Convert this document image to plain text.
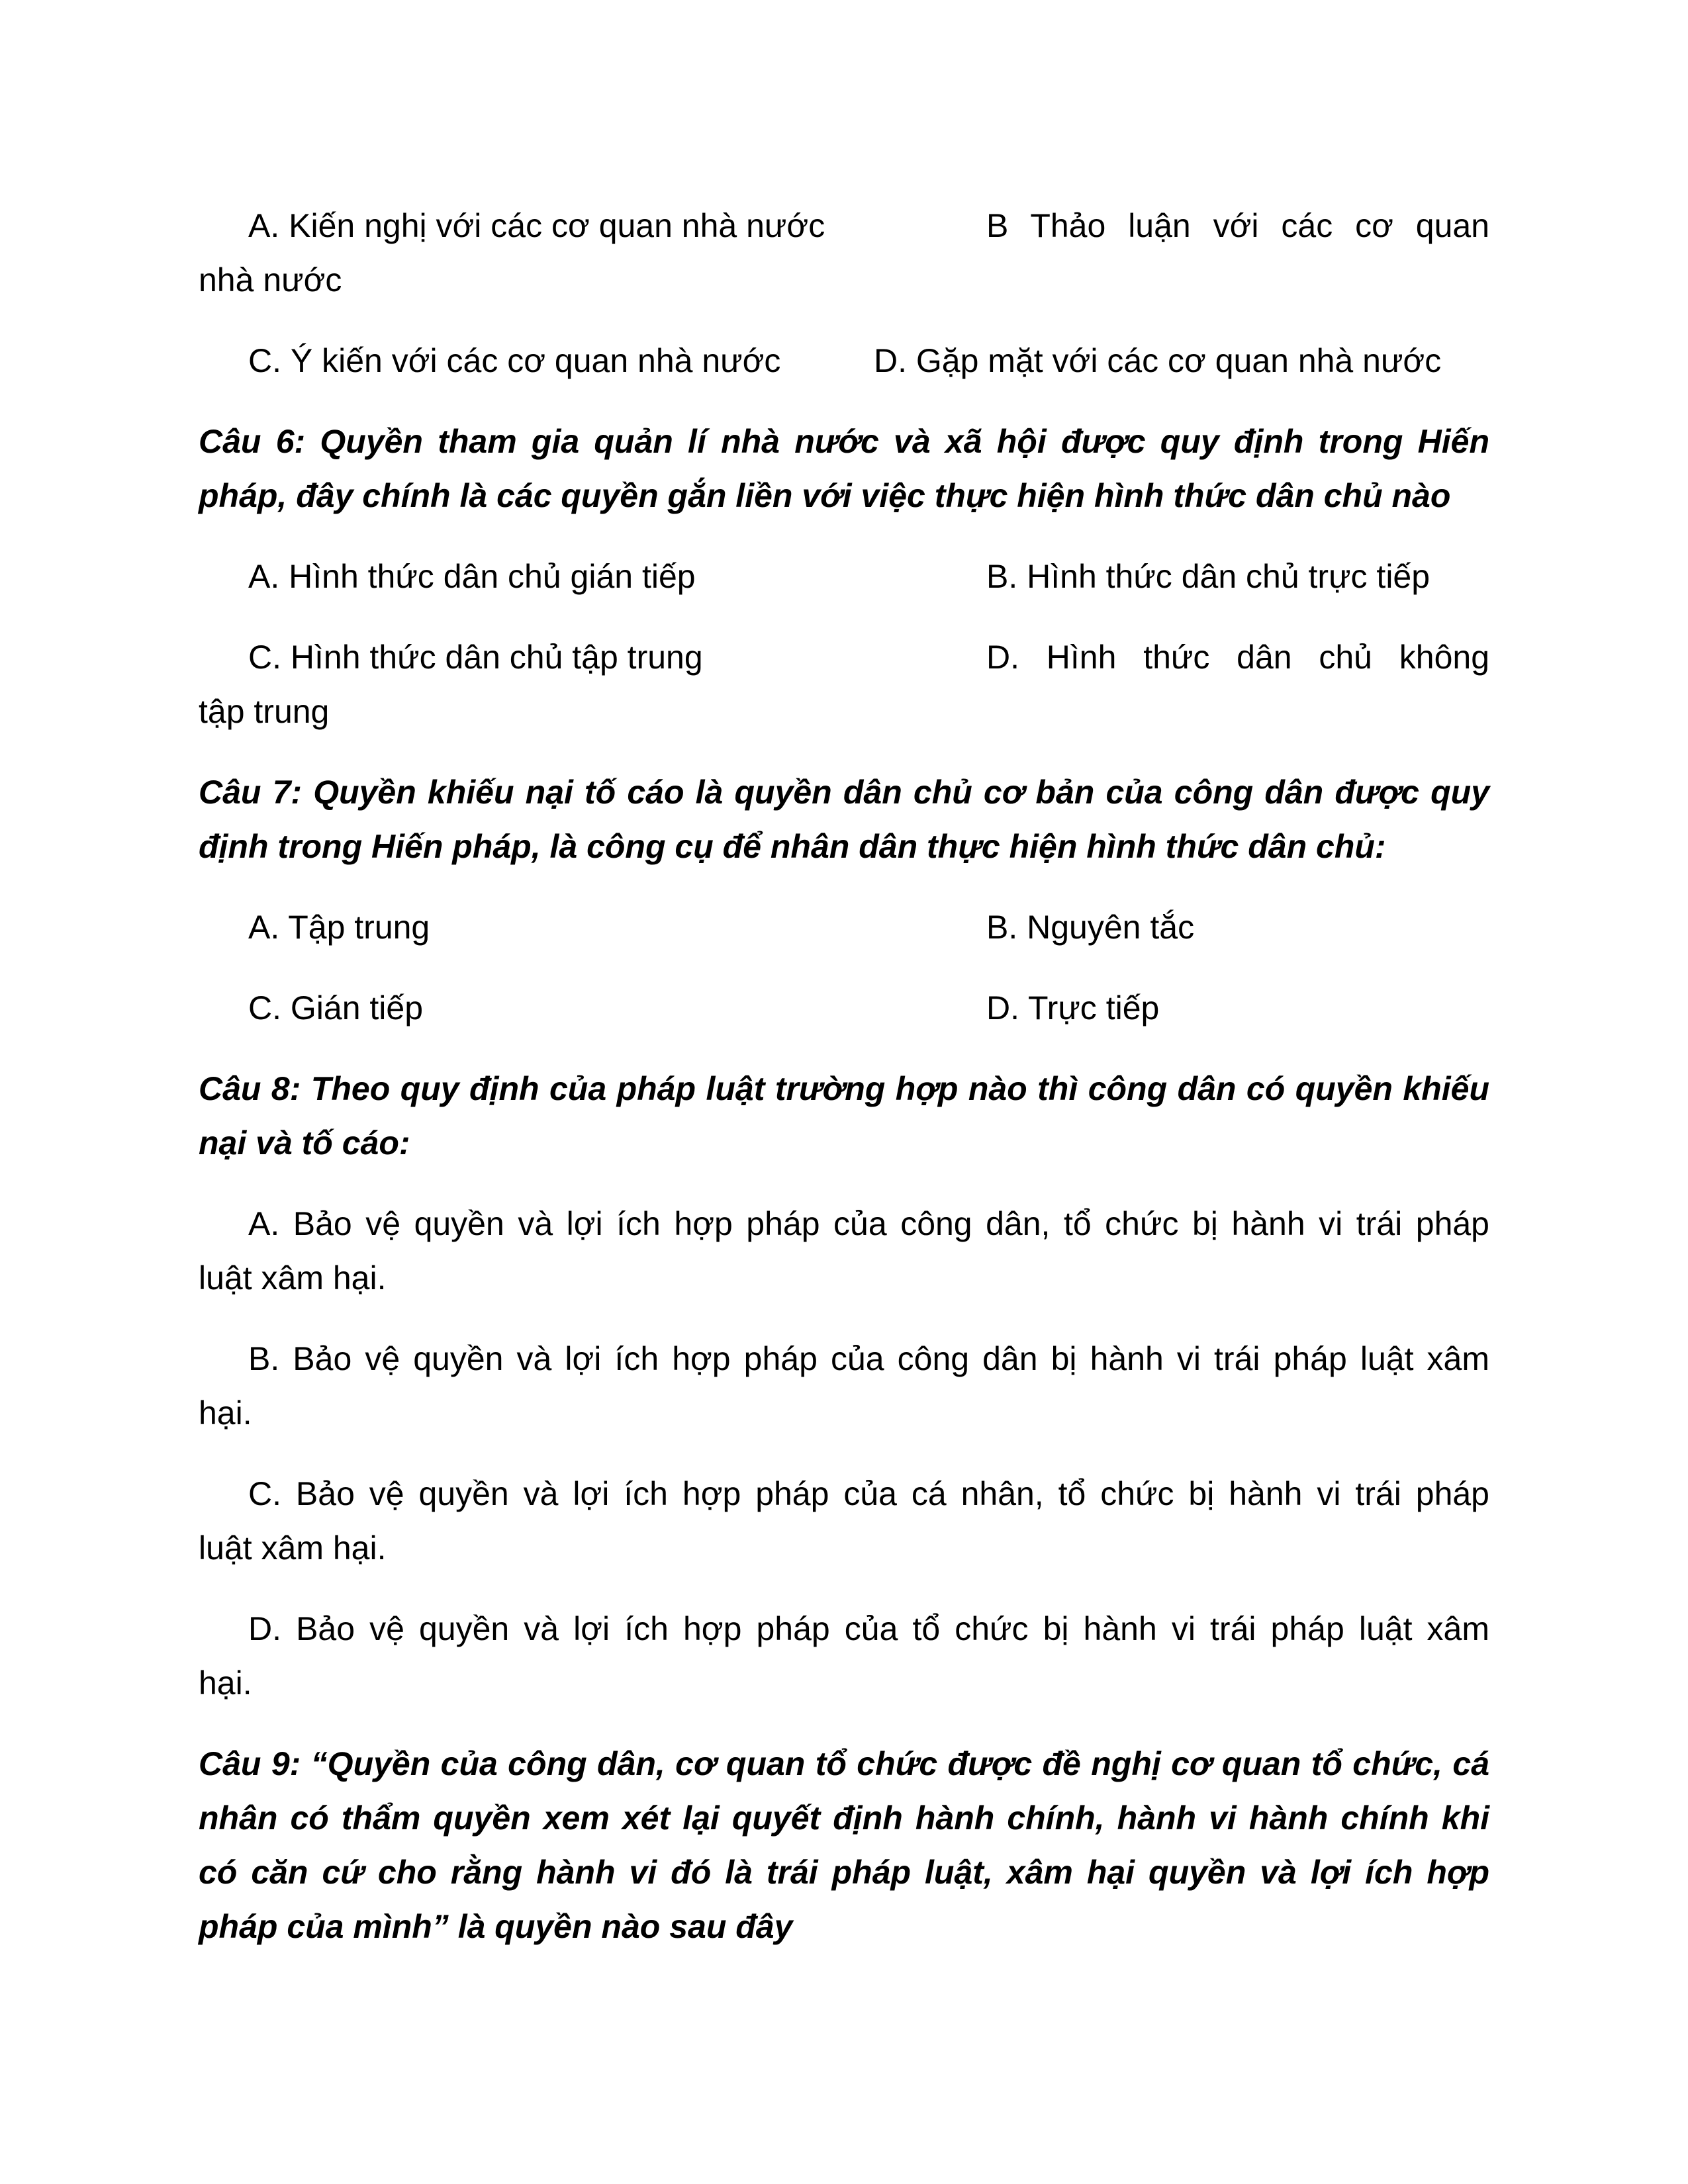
A. Kiến nghị với các cơ quan nhà nước	B Thảo luận với các cơ quan
nhà nước
C. Ý kiến với các cơ quan nhà nước	D. Gặp mặt với các cơ quan nhà nước
Câu 6: Quyền tham gia quản lí nhà nước và xã hội được quy định trong Hiến
pháp, đây chính là các quyền gắn liền với việc thực hiện hình thức dân chủ nào
A. Hình thức dân chủ gián tiếp	B. Hình thức dân chủ trực tiếp
C. Hình thức dân chủ tập trung	D. Hình thức dân chủ không
tập trung
Câu 7: Quyền khiếu nại tố cáo là quyền dân chủ cơ bản của công dân được quy
định trong Hiến pháp, là công cụ để nhân dân thực hiện hình thức dân chủ:
A. Tập trung	B. Nguyên tắc
C. Gián tiếp	D. Trực tiếp
Câu 8: Theo quy định của pháp luật trường hợp nào thì công dân có quyền khiếu
nại và tố cáo:
A. Bảo vệ quyền và lợi ích hợp pháp của công dân, tổ chức bị hành vi trái pháp
luật xâm hại.
B. Bảo vệ quyền và lợi ích hợp pháp của công dân bị hành vi trái pháp luật xâm
hại.
C. Bảo vệ quyền và lợi ích hợp pháp của cá nhân, tổ chức bị hành vi trái pháp
luật xâm hại.
D. Bảo vệ quyền và lợi ích hợp pháp của tổ chức bị hành vi trái pháp luật xâm
hại.
Câu 9: “Quyền của công dân, cơ quan tổ chức được đề nghị cơ quan tổ chức, cá
nhân có thẩm quyền xem xét lại quyết định hành chính, hành vi hành chính khi
có căn cứ cho rằng hành vi đó là trái pháp luật, xâm hại quyền và lợi ích hợp
pháp của mình” là quyền nào sau đây
